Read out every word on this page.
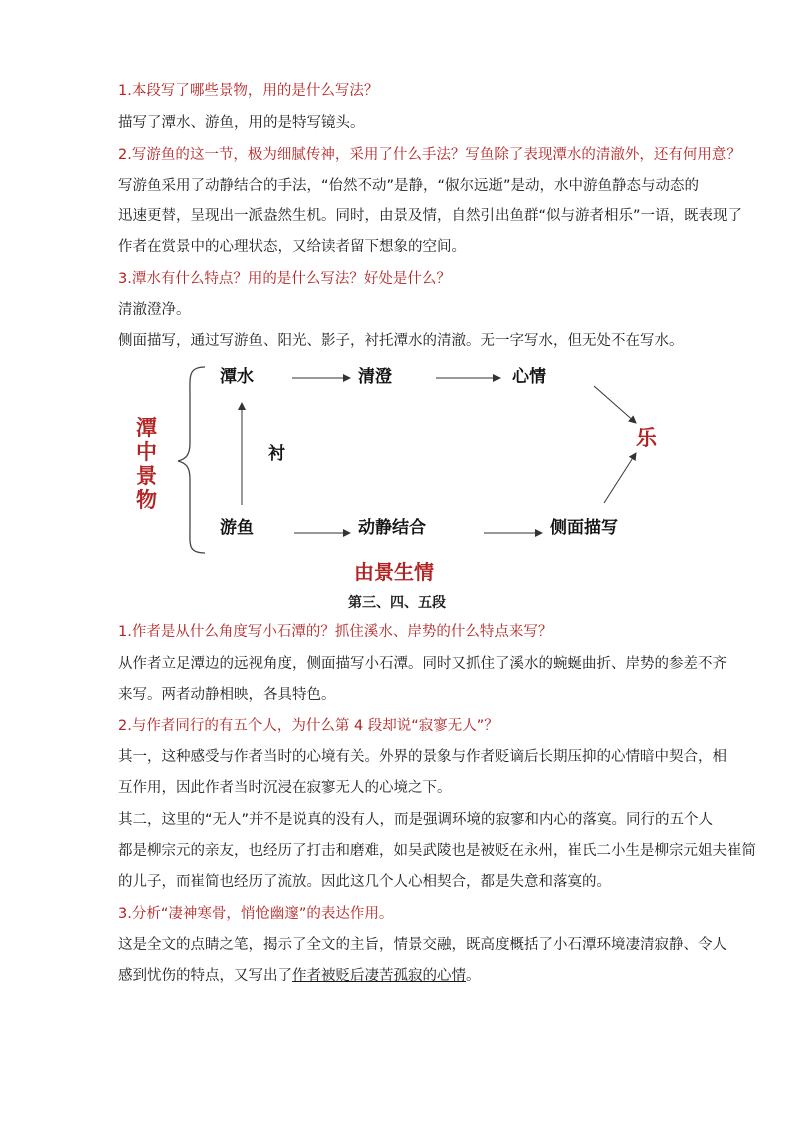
1.本段写了哪些景物，用的是什么写法？
描写了潭水、游鱼，用的是特写镜头。
2.写游鱼的这一节，极为细腻传神，采用了什么手法？写鱼除了表现潭水的清澈外，还有何用意？
写游鱼采用了动静结合的手法，“佁然不动”是静，“俶尔远逝”是动，水中游鱼静态与动态的
迅速更替，呈现出一派盎然生机。同时，由景及情，自然引出鱼群“似与游者相乐”一语，既表现了
作者在赏景中的心理状态，又给读者留下想象的空间。
3.潭水有什么特点？用的是什么写法？好处是什么？
清澈澄净。
侧面描写，通过写游鱼、阳光、影子，衬托潭水的清澈。无一字写水，但无处不在写水。
潭
中
景
物
潭水	清澄	心情
衬
乐
游鱼	动静结合	侧面描写
由景生情
第三、四、五段
1.作者是从什么角度写小石潭的？抓住溪水、岸势的什么特点来写？
从作者立足潭边的远视角度，侧面描写小石潭。同时又抓住了溪水的蜿蜒曲折、岸势的参差不齐
来写。两者动静相映，各具特色。
2.与作者同行的有五个人，为什么第 4 段却说“寂寥无人”？
其一，这种感受与作者当时的心境有关。外界的景象与作者贬谪后长期压抑的心情暗中契合，相
互作用，因此作者当时沉浸在寂寥无人的心境之下。
其二，这里的“无人”并不是说真的没有人，而是强调环境的寂寥和内心的落寞。同行的五个人
都是柳宗元的亲友，也经历了打击和磨难，如吴武陵也是被贬在永州，崔氏二小生是柳宗元姐夫崔简
的儿子，而崔简也经历了流放。因此这几个人心相契合，都是失意和落寞的。
3.分析“凄神寒骨，悄怆幽邃”的表达作用。
这是全文的点睛之笔，揭示了全文的主旨，情景交融，既高度概括了小石潭环境凄清寂静、令人
感到忧伤的特点，又写出了作者被贬后凄苦孤寂的心情。
